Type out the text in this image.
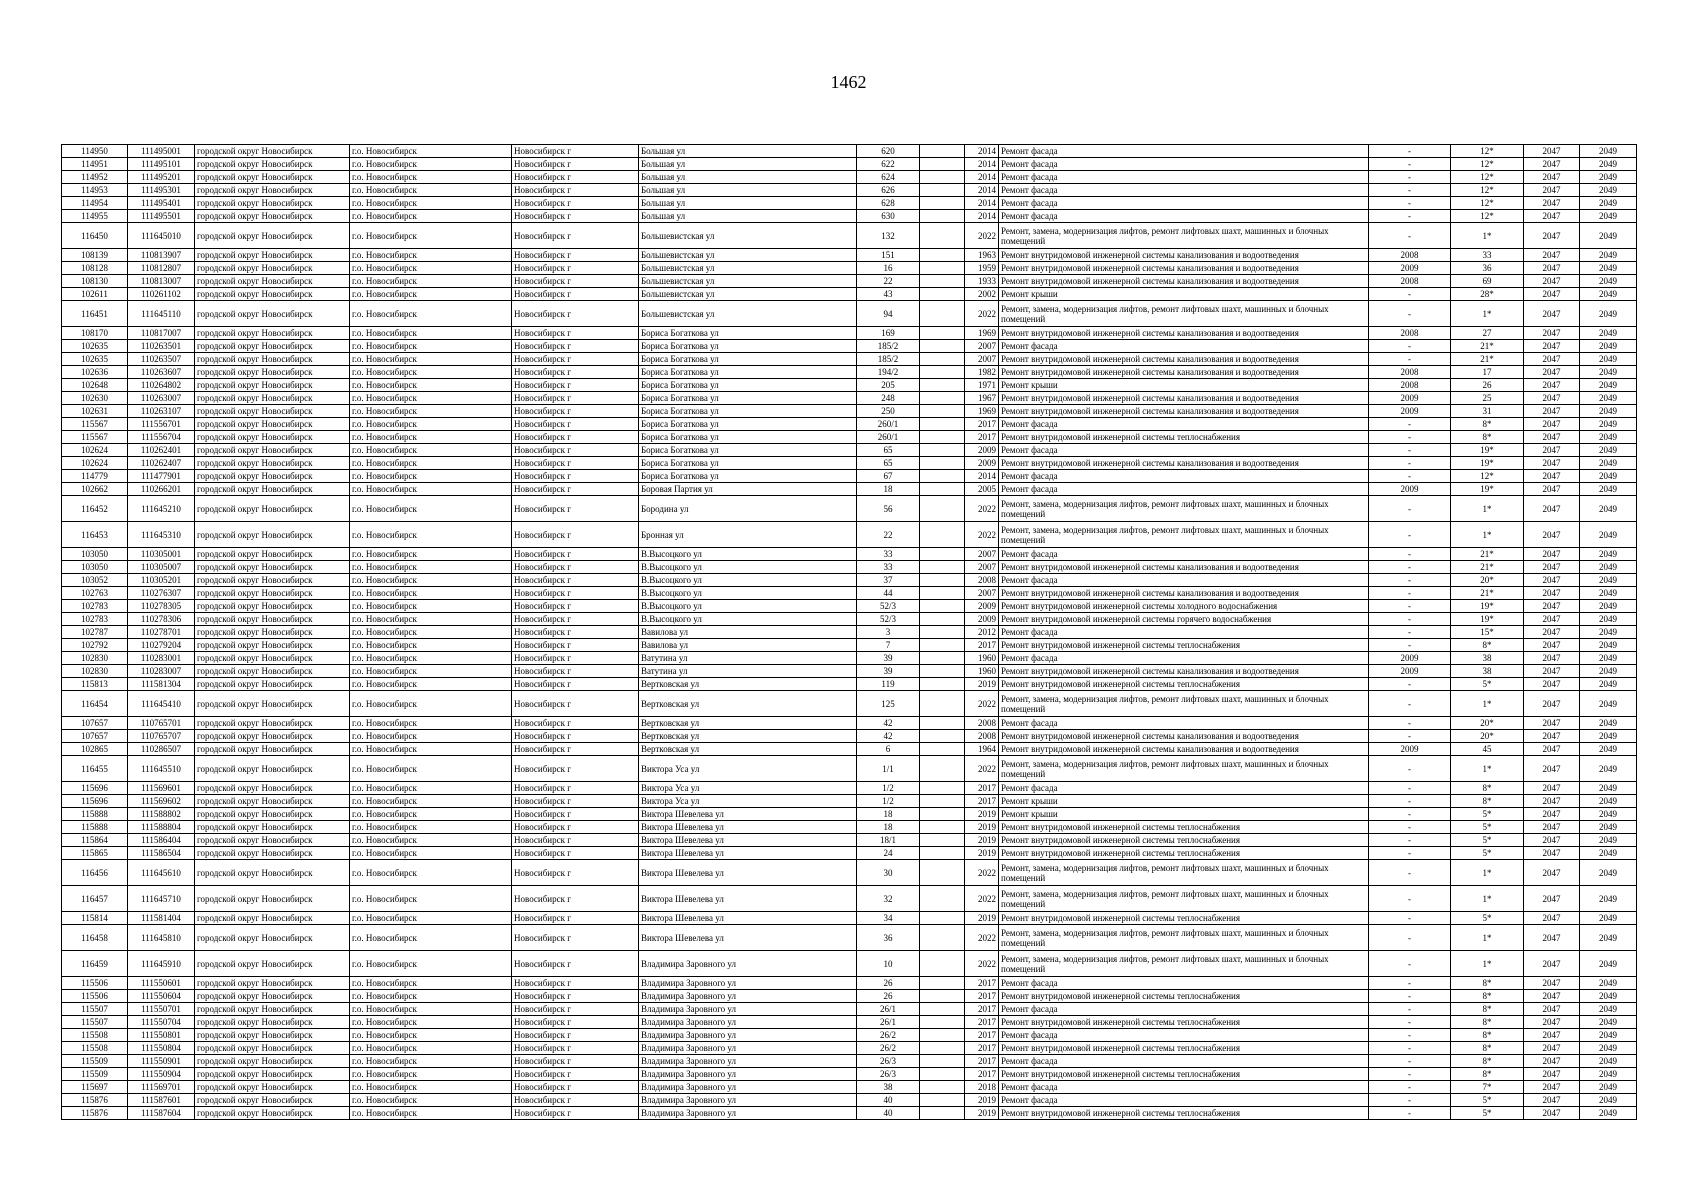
1462
114950	111495001	городской округ Новосибирск	г.о. Новосибирск	Новосибирск г	Большая ул	620		2014	Ремонт фасада	-	12*	2047	2049
114951	111495101	городской округ Новосибирск	г.о. Новосибирск	Новосибирск г	Большая ул	622		2014	Ремонт фасада	-	12*	2047	2049
114952	111495201	городской округ Новосибирск	г.о. Новосибирск	Новосибирск г	Большая ул	624		2014	Ремонт фасада	-	12*	2047	2049
114953	111495301	городской округ Новосибирск	г.о. Новосибирск	Новосибирск г	Большая ул	626		2014	Ремонт фасада	-	12*	2047	2049
114954	111495401	городской округ Новосибирск	г.о. Новосибирск	Новосибирск г	Большая ул	628		2014	Ремонт фасада	-	12*	2047	2049
114955	111495501	городской округ Новосибирск	г.о. Новосибирск	Новосибирск г	Большая ул	630		2014	Ремонт фасада	-	12*	2047	2049
116450	111645010	городской округ Новосибирск	г.о. Новосибирск	Новосибирск г	Большевистская ул	132		2022	Ремонт, замена, модернизация лифтов, ремонт лифтовых шахт, машинных и блочных помещений	-	1*	2047	2049
108139	110813907	городской округ Новосибирск	г.о. Новосибирск	Новосибирск г	Большевистская ул	151		1963	Ремонт внутридомовой инженерной системы канализования и водоотведения	2008	33	2047	2049
108128	110812807	городской округ Новосибирск	г.о. Новосибирск	Новосибирск г	Большевистская ул	16		1959	Ремонт внутридомовой инженерной системы канализования и водоотведения	2009	36	2047	2049
108130	110813007	городской округ Новосибирск	г.о. Новосибирск	Новосибирск г	Большевистская ул	22		1933	Ремонт внутридомовой инженерной системы канализования и водоотведения	2008	69	2047	2049
102611	110261102	городской округ Новосибирск	г.о. Новосибирск	Новосибирск г	Большевистская ул	43		2002	Ремонт крыши	-	28*	2047	2049
116451	111645110	городской округ Новосибирск	г.о. Новосибирск	Новосибирск г	Большевистская ул	94		2022	Ремонт, замена, модернизация лифтов, ремонт лифтовых шахт, машинных и блочных помещений	-	1*	2047	2049
108170	110817007	городской округ Новосибирск	г.о. Новосибирск	Новосибирск г	Бориса Богаткова ул	169		1969	Ремонт внутридомовой инженерной системы канализования и водоотведения	2008	27	2047	2049
102635	110263501	городской округ Новосибирск	г.о. Новосибирск	Новосибирск г	Бориса Богаткова ул	185/2		2007	Ремонт фасада	-	21*	2047	2049
102635	110263507	городской округ Новосибирск	г.о. Новосибирск	Новосибирск г	Бориса Богаткова ул	185/2		2007	Ремонт внутридомовой инженерной системы канализования и водоотведения	-	21*	2047	2049
102636	110263607	городской округ Новосибирск	г.о. Новосибирск	Новосибирск г	Бориса Богаткова ул	194/2		1982	Ремонт внутридомовой инженерной системы канализования и водоотведения	2008	17	2047	2049
102648	110264802	городской округ Новосибирск	г.о. Новосибирск	Новосибирск г	Бориса Богаткова ул	205		1971	Ремонт крыши	2008	26	2047	2049
102630	110263007	городской округ Новосибирск	г.о. Новосибирск	Новосибирск г	Бориса Богаткова ул	248		1967	Ремонт внутридомовой инженерной системы канализования и водоотведения	2009	25	2047	2049
102631	110263107	городской округ Новосибирск	г.о. Новосибирск	Новосибирск г	Бориса Богаткова ул	250		1969	Ремонт внутридомовой инженерной системы канализования и водоотведения	2009	31	2047	2049
115567	111556701	городской округ Новосибирск	г.о. Новосибирск	Новосибирск г	Бориса Богаткова ул	260/1		2017	Ремонт фасада	-	8*	2047	2049
115567	111556704	городской округ Новосибирск	г.о. Новосибирск	Новосибирск г	Бориса Богаткова ул	260/1		2017	Ремонт внутридомовой инженерной системы теплоснабжения	-	8*	2047	2049
102624	110262401	городской округ Новосибирск	г.о. Новосибирск	Новосибирск г	Бориса Богаткова ул	65		2009	Ремонт фасада	-	19*	2047	2049
102624	110262407	городской округ Новосибирск	г.о. Новосибирск	Новосибирск г	Бориса Богаткова ул	65		2009	Ремонт внутридомовой инженерной системы канализования и водоотведения	-	19*	2047	2049
114779	111477901	городской округ Новосибирск	г.о. Новосибирск	Новосибирск г	Бориса Богаткова ул	67		2014	Ремонт фасада	-	12*	2047	2049
102662	110266201	городской округ Новосибирск	г.о. Новосибирск	Новосибирск г	Боровая Партия ул	18		2005	Ремонт фасада	2009	19*	2047	2049
116452	111645210	городской округ Новосибирск	г.о. Новосибирск	Новосибирск г	Бородина ул	56		2022	Ремонт, замена, модернизация лифтов, ремонт лифтовых шахт, машинных и блочных помещений	-	1*	2047	2049
116453	111645310	городской округ Новосибирск	г.о. Новосибирск	Новосибирск г	Бронная ул	22		2022	Ремонт, замена, модернизация лифтов, ремонт лифтовых шахт, машинных и блочных помещений	-	1*	2047	2049
103050	110305001	городской округ Новосибирск	г.о. Новосибирск	Новосибирск г	В.Высоцкого ул	33		2007	Ремонт фасада	-	21*	2047	2049
103050	110305007	городской округ Новосибирск	г.о. Новосибирск	Новосибирск г	В.Высоцкого ул	33		2007	Ремонт внутридомовой инженерной системы канализования и водоотведения	-	21*	2047	2049
103052	110305201	городской округ Новосибирск	г.о. Новосибирск	Новосибирск г	В.Высоцкого ул	37		2008	Ремонт фасада	-	20*	2047	2049
102763	110276307	городской округ Новосибирск	г.о. Новосибирск	Новосибирск г	В.Высоцкого ул	44		2007	Ремонт внутридомовой инженерной системы канализования и водоотведения	-	21*	2047	2049
102783	110278305	городской округ Новосибирск	г.о. Новосибирск	Новосибирск г	В.Высоцкого ул	52/3		2009	Ремонт внутридомовой инженерной системы холодного водоснабжения	-	19*	2047	2049
102783	110278306	городской округ Новосибирск	г.о. Новосибирск	Новосибирск г	В.Высоцкого ул	52/3		2009	Ремонт внутридомовой инженерной системы горячего водоснабжения	-	19*	2047	2049
102787	110278701	городской округ Новосибирск	г.о. Новосибирск	Новосибирск г	Вавилова ул	3		2012	Ремонт фасада	-	15*	2047	2049
102792	110279204	городской округ Новосибирск	г.о. Новосибирск	Новосибирск г	Вавилова ул	7		2017	Ремонт внутридомовой инженерной системы теплоснабжения	-	8*	2047	2049
102830	110283001	городской округ Новосибирск	г.о. Новосибирск	Новосибирск г	Ватутина ул	39		1960	Ремонт фасада	2009	38	2047	2049
102830	110283007	городской округ Новосибирск	г.о. Новосибирск	Новосибирск г	Ватутина ул	39		1960	Ремонт внутридомовой инженерной системы канализования и водоотведения	2009	38	2047	2049
115813	111581304	городской округ Новосибирск	г.о. Новосибирск	Новосибирск г	Вертковская ул	119		2019	Ремонт внутридомовой инженерной системы теплоснабжения	-	5*	2047	2049
116454	111645410	городской округ Новосибирск	г.о. Новосибирск	Новосибирск г	Вертковская ул	125		2022	Ремонт, замена, модернизация лифтов, ремонт лифтовых шахт, машинных и блочных помещений	-	1*	2047	2049
107657	110765701	городской округ Новосибирск	г.о. Новосибирск	Новосибирск г	Вертковская ул	42		2008	Ремонт фасада	-	20*	2047	2049
107657	110765707	городской округ Новосибирск	г.о. Новосибирск	Новосибирск г	Вертковская ул	42		2008	Ремонт внутридомовой инженерной системы канализования и водоотведения	-	20*	2047	2049
102865	110286507	городской округ Новосибирск	г.о. Новосибирск	Новосибирск г	Вертковская ул	6		1964	Ремонт внутридомовой инженерной системы канализования и водоотведения	2009	45	2047	2049
116455	111645510	городской округ Новосибирск	г.о. Новосибирск	Новосибирск г	Виктора Уса ул	1/1		2022	Ремонт, замена, модернизация лифтов, ремонт лифтовых шахт, машинных и блочных помещений	-	1*	2047	2049
115696	111569601	городской округ Новосибирск	г.о. Новосибирск	Новосибирск г	Виктора Уса ул	1/2		2017	Ремонт фасада	-	8*	2047	2049
115696	111569602	городской округ Новосибирск	г.о. Новосибирск	Новосибирск г	Виктора Уса ул	1/2		2017	Ремонт крыши	-	8*	2047	2049
115888	111588802	городской округ Новосибирск	г.о. Новосибирск	Новосибирск г	Виктора Шевелева ул	18		2019	Ремонт крыши	-	5*	2047	2049
115888	111588804	городской округ Новосибирск	г.о. Новосибирск	Новосибирск г	Виктора Шевелева ул	18		2019	Ремонт внутридомовой инженерной системы теплоснабжения	-	5*	2047	2049
115864	111586404	городской округ Новосибирск	г.о. Новосибирск	Новосибирск г	Виктора Шевелева ул	18/1		2019	Ремонт внутридомовой инженерной системы теплоснабжения	-	5*	2047	2049
115865	111586504	городской округ Новосибирск	г.о. Новосибирск	Новосибирск г	Виктора Шевелева ул	24		2019	Ремонт внутридомовой инженерной системы теплоснабжения	-	5*	2047	2049
116456	111645610	городской округ Новосибирск	г.о. Новосибирск	Новосибирск г	Виктора Шевелева ул	30		2022	Ремонт, замена, модернизация лифтов, ремонт лифтовых шахт, машинных и блочных помещений	-	1*	2047	2049
116457	111645710	городской округ Новосибирск	г.о. Новосибирск	Новосибирск г	Виктора Шевелева ул	32		2022	Ремонт, замена, модернизация лифтов, ремонт лифтовых шахт, машинных и блочных помещений	-	1*	2047	2049
115814	111581404	городской округ Новосибирск	г.о. Новосибирск	Новосибирск г	Виктора Шевелева ул	34		2019	Ремонт внутридомовой инженерной системы теплоснабжения	-	5*	2047	2049
116458	111645810	городской округ Новосибирск	г.о. Новосибирск	Новосибирск г	Виктора Шевелева ул	36		2022	Ремонт, замена, модернизация лифтов, ремонт лифтовых шахт, машинных и блочных помещений	-	1*	2047	2049
116459	111645910	городской округ Новосибирск	г.о. Новосибирск	Новосибирск г	Владимира Заровного ул	10		2022	Ремонт, замена, модернизация лифтов, ремонт лифтовых шахт, машинных и блочных помещений	-	1*	2047	2049
115506	111550601	городской округ Новосибирск	г.о. Новосибирск	Новосибирск г	Владимира Заровного ул	26		2017	Ремонт фасада	-	8*	2047	2049
115506	111550604	городской округ Новосибирск	г.о. Новосибирск	Новосибирск г	Владимира Заровного ул	26		2017	Ремонт внутридомовой инженерной системы теплоснабжения	-	8*	2047	2049
115507	111550701	городской округ Новосибирск	г.о. Новосибирск	Новосибирск г	Владимира Заровного ул	26/1		2017	Ремонт фасада	-	8*	2047	2049
115507	111550704	городской округ Новосибирск	г.о. Новосибирск	Новосибирск г	Владимира Заровного ул	26/1		2017	Ремонт внутридомовой инженерной системы теплоснабжения	-	8*	2047	2049
115508	111550801	городской округ Новосибирск	г.о. Новосибирск	Новосибирск г	Владимира Заровного ул	26/2		2017	Ремонт фасада	-	8*	2047	2049
115508	111550804	городской округ Новосибирск	г.о. Новосибирск	Новосибирск г	Владимира Заровного ул	26/2		2017	Ремонт внутридомовой инженерной системы теплоснабжения	-	8*	2047	2049
115509	111550901	городской округ Новосибирск	г.о. Новосибирск	Новосибирск г	Владимира Заровного ул	26/3		2017	Ремонт фасада	-	8*	2047	2049
115509	111550904	городской округ Новосибирск	г.о. Новосибирск	Новосибирск г	Владимира Заровного ул	26/3		2017	Ремонт внутридомовой инженерной системы теплоснабжения	-	8*	2047	2049
115697	111569701	городской округ Новосибирск	г.о. Новосибирск	Новосибирск г	Владимира Заровного ул	38		2018	Ремонт фасада	-	7*	2047	2049
115876	111587601	городской округ Новосибирск	г.о. Новосибирск	Новосибирск г	Владимира Заровного ул	40		2019	Ремонт фасада	-	5*	2047	2049
115876	111587604	городской округ Новосибирск	г.о. Новосибирск	Новосибирск г	Владимира Заровного ул	40		2019	Ремонт внутридомовой инженерной системы теплоснабжения	-	5*	2047	2049
